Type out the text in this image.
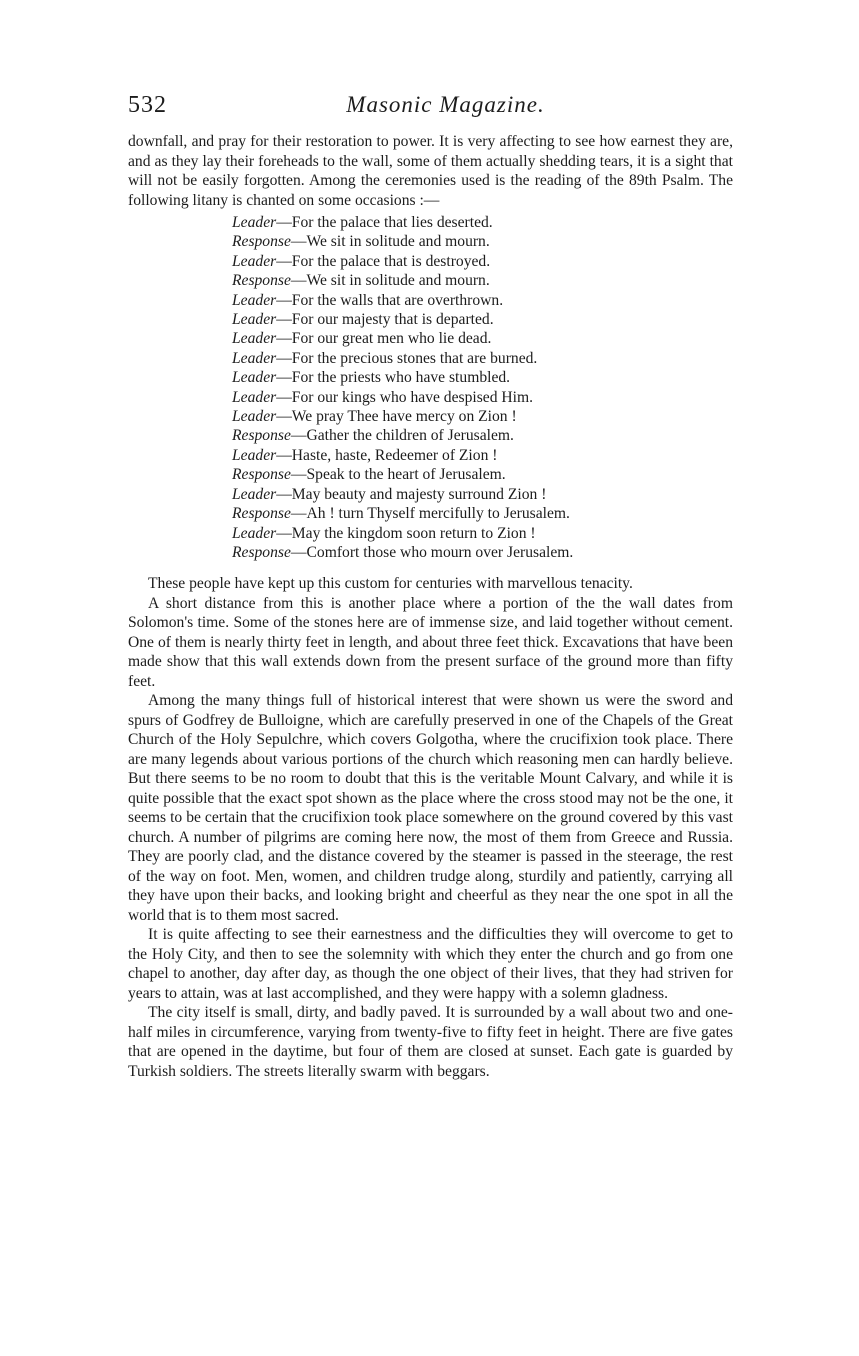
532	Masonic Magazine.

downfall, and pray for their restoration to power. It is very affecting to see how earnest they are, and as they lay their foreheads to the wall, some of them actually shedding tears, it is a sight that will not be easily forgotten. Among the ceremonies used is the reading of the 89th Psalm. The following litany is chanted on some occasions :—

Leader—For the palace that lies deserted.
Response—We sit in solitude and mourn.
Leader—For the palace that is destroyed.
Response—We sit in solitude and mourn.
Leader—For the walls that are overthrown.
Leader—For our majesty that is departed.
Leader—For our great men who lie dead.
Leader—For the precious stones that are burned.
Leader—For the priests who have stumbled.
Leader—For our kings who have despised Him.
Leader—We pray Thee have mercy on Zion !
Response—Gather the children of Jerusalem.
Leader—Haste, haste, Redeemer of Zion !
Response—Speak to the heart of Jerusalem.
Leader—May beauty and majesty surround Zion !
Response—Ah ! turn Thyself mercifully to Jerusalem.
Leader—May the kingdom soon return to Zion !
Response—Comfort those who mourn over Jerusalem.

These people have kept up this custom for centuries with marvellous tenacity.

A short distance from this is another place where a portion of the the wall dates from Solomon's time. Some of the stones here are of immense size, and laid together without cement. One of them is nearly thirty feet in length, and about three feet thick. Excavations that have been made show that this wall extends down from the present surface of the ground more than fifty feet.

Among the many things full of historical interest that were shown us were the sword and spurs of Godfrey de Bulloigne, which are carefully preserved in one of the Chapels of the Great Church of the Holy Sepulchre, which covers Golgotha, where the crucifixion took place. There are many legends about various portions of the church which reasoning men can hardly believe. But there seems to be no room to doubt that this is the veritable Mount Calvary, and while it is quite possible that the exact spot shown as the place where the cross stood may not be the one, it seems to be certain that the crucifixion took place somewhere on the ground covered by this vast church. A number of pilgrims are coming here now, the most of them from Greece and Russia. They are poorly clad, and the distance covered by the steamer is passed in the steerage, the rest of the way on foot. Men, women, and children trudge along, sturdily and patiently, carrying all they have upon their backs, and looking bright and cheerful as they near the one spot in all the world that is to them most sacred.

It is quite affecting to see their earnestness and the difficulties they will overcome to get to the Holy City, and then to see the solemnity with which they enter the church and go from one chapel to another, day after day, as though the one object of their lives, that they had striven for years to attain, was at last accomplished, and they were happy with a solemn gladness.

The city itself is small, dirty, and badly paved. It is surrounded by a wall about two and one-half miles in circumference, varying from twenty-five to fifty feet in height. There are five gates that are opened in the daytime, but four of them are closed at sunset. Each gate is guarded by Turkish soldiers. The streets literally swarm with beggars.
